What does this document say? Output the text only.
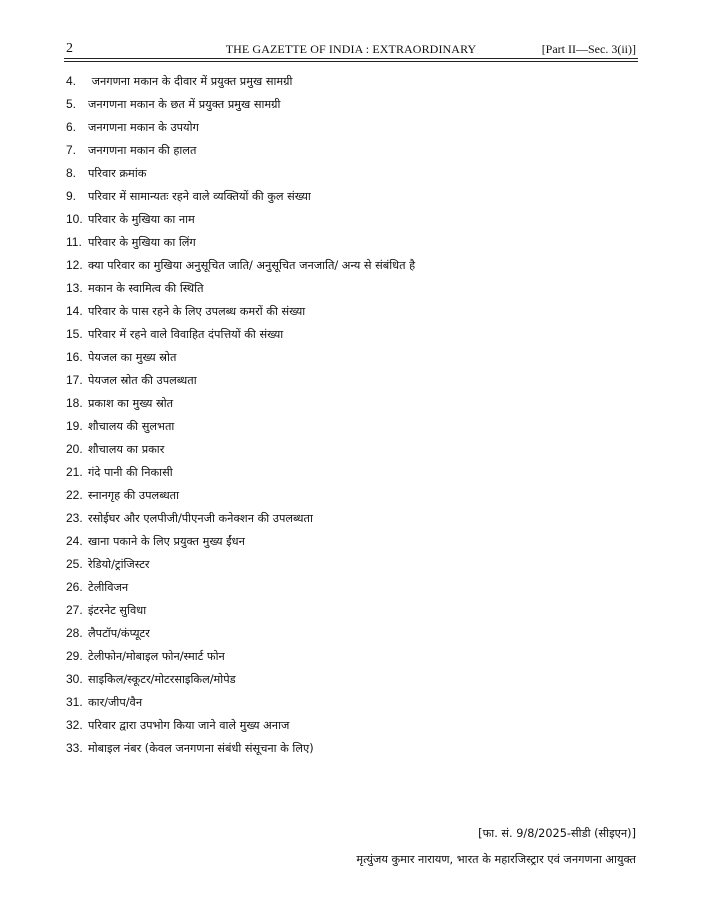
2	THE GAZETTE OF INDIA : EXTRAORDINARY	[Part II—Sec. 3(ii)]
4. जनगणना मकान के दीवार में प्रयुक्त प्रमुख सामग्री
5. जनगणना मकान के छत में प्रयुक्त प्रमुख सामग्री
6. जनगणना मकान के उपयोग
7. जनगणना मकान की हालत
8. परिवार क्रमांक
9. परिवार में सामान्यतः रहने वाले व्यक्तियों की कुल संख्या
10. परिवार के मुखिया का नाम
11. परिवार के मुखिया का लिंग
12. क्या परिवार का मुखिया अनुसूचित जाति/ अनुसूचित जनजाति/ अन्य से संबंधित है
13. मकान के स्वामित्व की स्थिति
14. परिवार के पास रहने के लिए उपलब्ध कमरों की संख्या
15. परिवार में रहने वाले विवाहित दंपत्तियों की संख्या
16. पेयजल का मुख्य स्रोत
17. पेयजल स्रोत की उपलब्धता
18. प्रकाश का मुख्य स्रोत
19. शौचालय की सुलभता
20. शौचालय का प्रकार
21. गंदे पानी की निकासी
22. स्नानगृह की उपलब्धता
23. रसोईघर और एलपीजी/पीएनजी कनेक्शन की उपलब्धता
24. खाना पकाने के लिए प्रयुक्त मुख्य ईंधन
25. रेडियो/ट्रांजिस्टर
26. टेलीविजन
27. इंटरनेट सुविधा
28. लैपटॉप/कंप्यूटर
29. टेलीफोन/मोबाइल फोन/स्मार्ट फोन
30. साइकिल/स्कूटर/मोटरसाइकिल/मोपेड
31. कार/जीप/वैन
32. परिवार द्वारा उपभोग किया जाने वाले मुख्य अनाज
33. मोबाइल नंबर (केवल जनगणना संबंधी संसूचना के लिए)
[फा. सं. 9/8/2025-सीडी (सीइएन)]
मृत्युंजय कुमार नारायण, भारत के महारजिस्ट्रार एवं जनगणना आयुक्त
